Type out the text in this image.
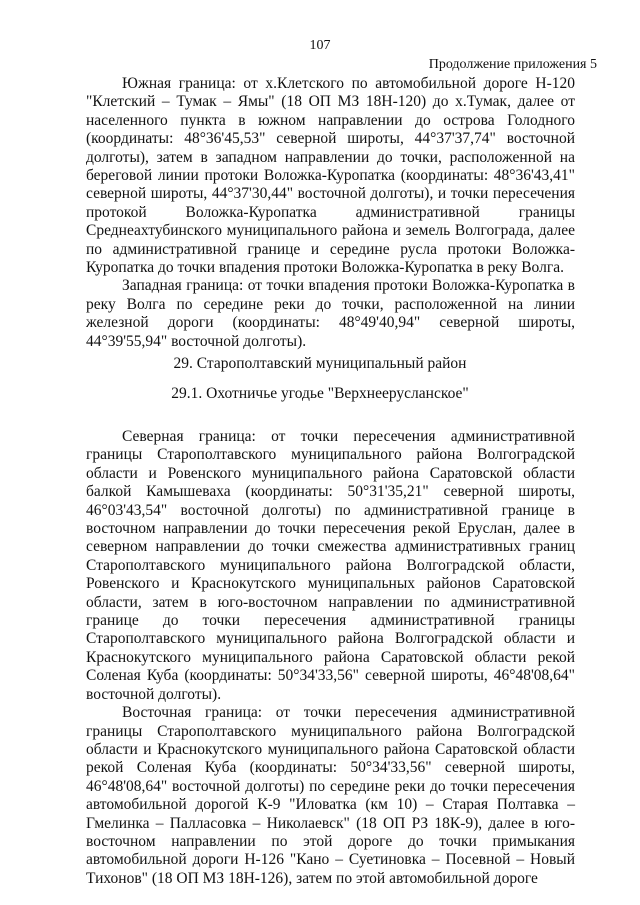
107
Продолжение приложения 5

Южная граница: от х.Клетского по автомобильной дороге Н-120 "Клетский – Тумак – Ямы" (18 ОП МЗ 18Н-120) до х.Тумак, далее от населенного пункта в южном направлении до острова Голодного (координаты: 48°36'45,53" северной широты, 44°37'37,74" восточной долготы), затем в западном направлении до точки, расположенной на береговой линии протоки Воложка-Куропатка (координаты: 48°36'43,41" северной широты, 44°37'30,44" восточной долготы), и точки пересечения протокой Воложка-Куропатка административной границы Среднеахтубинского муниципального района и земель Волгограда, далее по административной границе и середине русла протоки Воложка-Куропатка до точки впадения протоки Воложка-Куропатка в реку Волга.

Западная граница: от точки впадения протоки Воложка-Куропатка в реку Волга по середине реки до точки, расположенной на линии железной дороги (координаты: 48°49'40,94" северной широты, 44°39'55,94" восточной долготы).

29. Старополтавский муниципальный район
29.1. Охотничье угодье "Верхнеерусланское"

Северная граница: от точки пересечения административной границы Старополтавского муниципального района Волгоградской области и Ровенского муниципального района Саратовской области балкой Камышеваха (координаты: 50°31'35,21" северной широты, 46°03'43,54" восточной долготы) по административной границе в восточном направлении до точки пересечения рекой Еруслан, далее в северном направлении до точки смежества административных границ Старополтавского муниципального района Волгоградской области, Ровенского и Краснокутского муниципальных районов Саратовской области, затем в юго-восточном направлении по административной границе до точки пересечения административной границы Старополтавского муниципального района Волгоградской области и Краснокутского муниципального района Саратовской области рекой Соленая Куба (координаты: 50°34'33,56" северной широты, 46°48'08,64" восточной долготы).

Восточная граница: от точки пересечения административной границы Старополтавского муниципального района Волгоградской области и Краснокутского муниципального района Саратовской области рекой Соленая Куба (координаты: 50°34'33,56" северной широты, 46°48'08,64" восточной долготы) по середине реки до точки пересечения автомобильной дорогой К-9 "Иловатка (км 10) – Старая Полтавка – Гмелинка – Палласовка – Николаевск" (18 ОП РЗ 18К-9), далее в юго-восточном направлении по этой дороге до точки примыкания автомобильной дороги Н-126 "Кано – Суетиновка – Посевной – Новый Тихонов" (18 ОП МЗ 18Н-126), затем по этой автомобильной дороге
